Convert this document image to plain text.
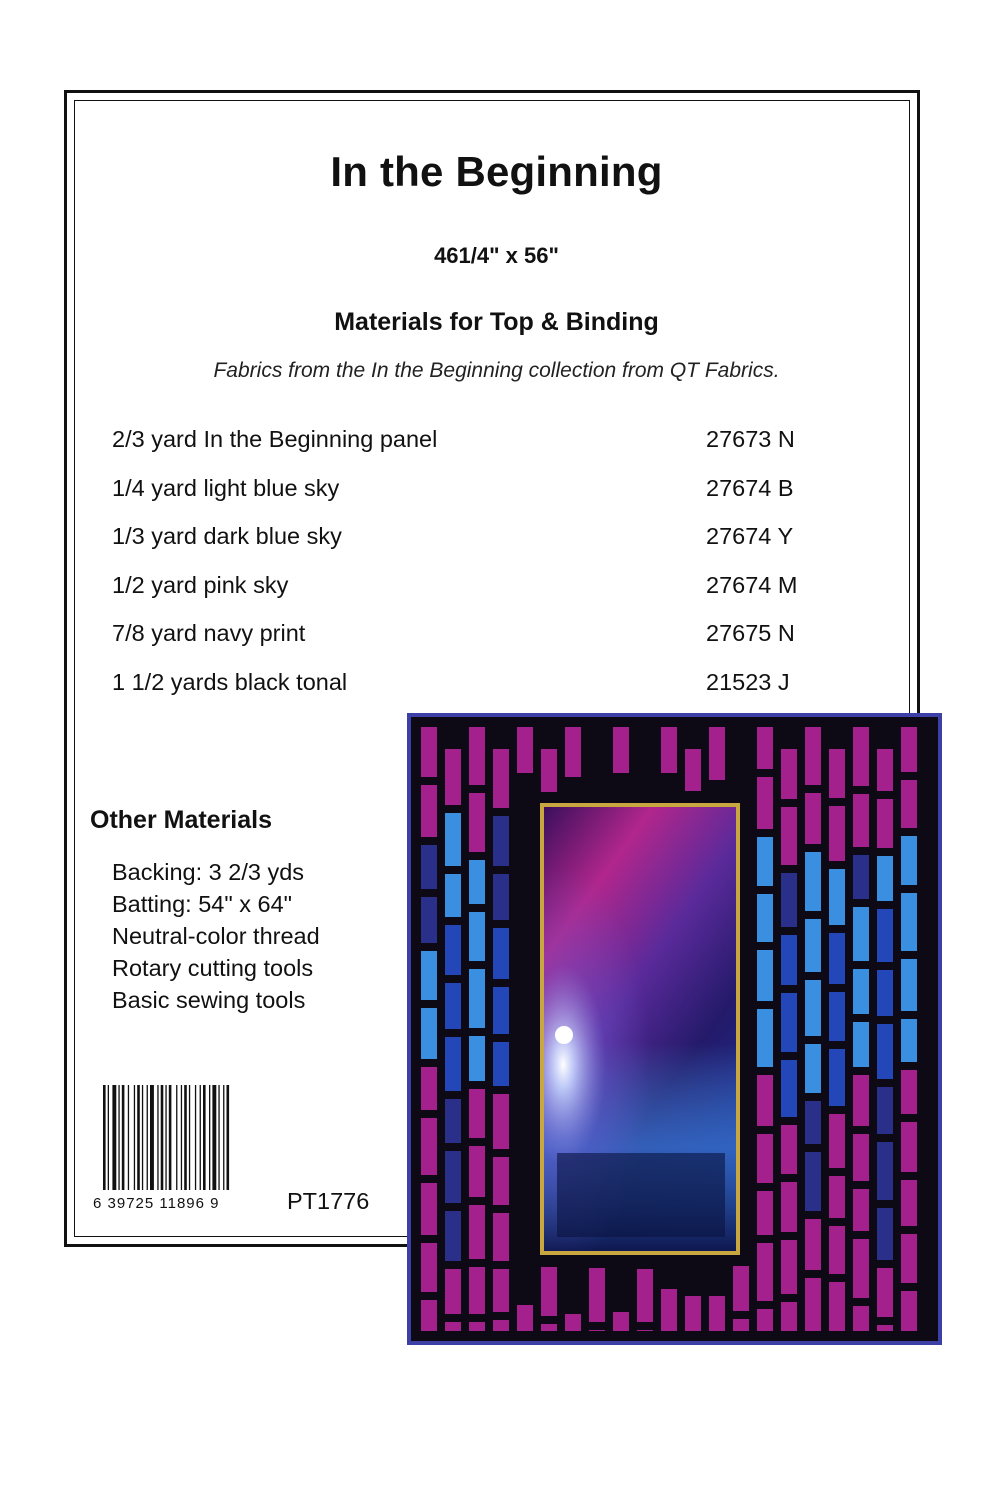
In the Beginning
461/4" x 56"
Materials for Top & Binding
Fabrics from the In the Beginning collection from QT Fabrics.
2/3 yard In the Beginning panel	27673 N
1/4 yard light blue sky	27674 B
1/3 yard dark blue sky	27674 Y
1/2 yard pink sky	27674 M
7/8 yard navy print	27675 N
1 1/2 yards black tonal	21523 J
Other Materials
Backing: 3 2/3 yds
Batting: 54" x 64"
Neutral-color thread
Rotary cutting tools
Basic sewing tools
6 39725 11896 9	PT1776
